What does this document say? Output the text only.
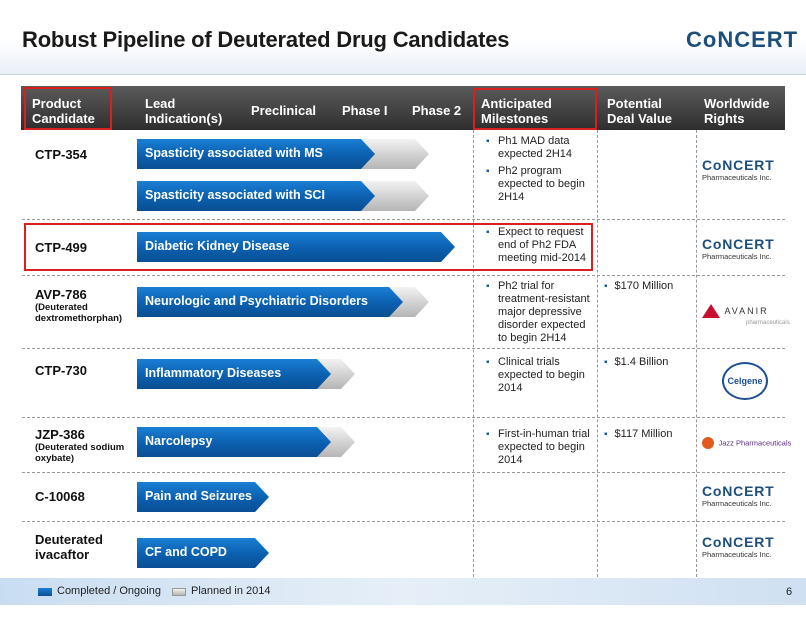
Robust Pipeline of Deuterated Drug Candidates	CoNCERT
Product Candidate
Lead Indication(s)
Preclinical Phase I Phase 2 Anticipated Milestones
Potential Deal Value
Worldwide Rights
CTP-354	Spasticity associated with MS
Spasticity associated with SCI
▪ Ph1 MAD data expected 2H14
▪ Ph2 program expected to begin 2H14
CoNCERT
Pharmaceuticals Inc.
CTP-499	Diabetic Kidney Disease
▪ Expect to request end of Ph2 FDA meeting mid-2014
CoNCERT
Pharmaceuticals Inc.
AVP-786
(Deuterated dextromethorphan)
Neurologic and Psychiatric Disorders
▪ Ph2 trial for treatment-resistant major depressive disorder expected to begin 2H14
▪ $170 Million
AVANIR
pharmaceuticals
CTP-730	Inflammatory Diseases
▪ Clinical trials expected to begin 2014
▪ $1.4 Billion
Celgene
JZP-386
(Deuterated sodium oxybate)
Narcolepsy
▪	First-in-human trial expected to begin 2014
▪ $117 Million
Jazz Pharmaceuticals
C-10068	Pain and Seizures	CoNCERT
Pharmaceuticals Inc.
Deuterated ivacaftor	CF and COPD
CoNCERT
Pharmaceuticals Inc.
Completed / Ongoing	Planned in 2014	6
